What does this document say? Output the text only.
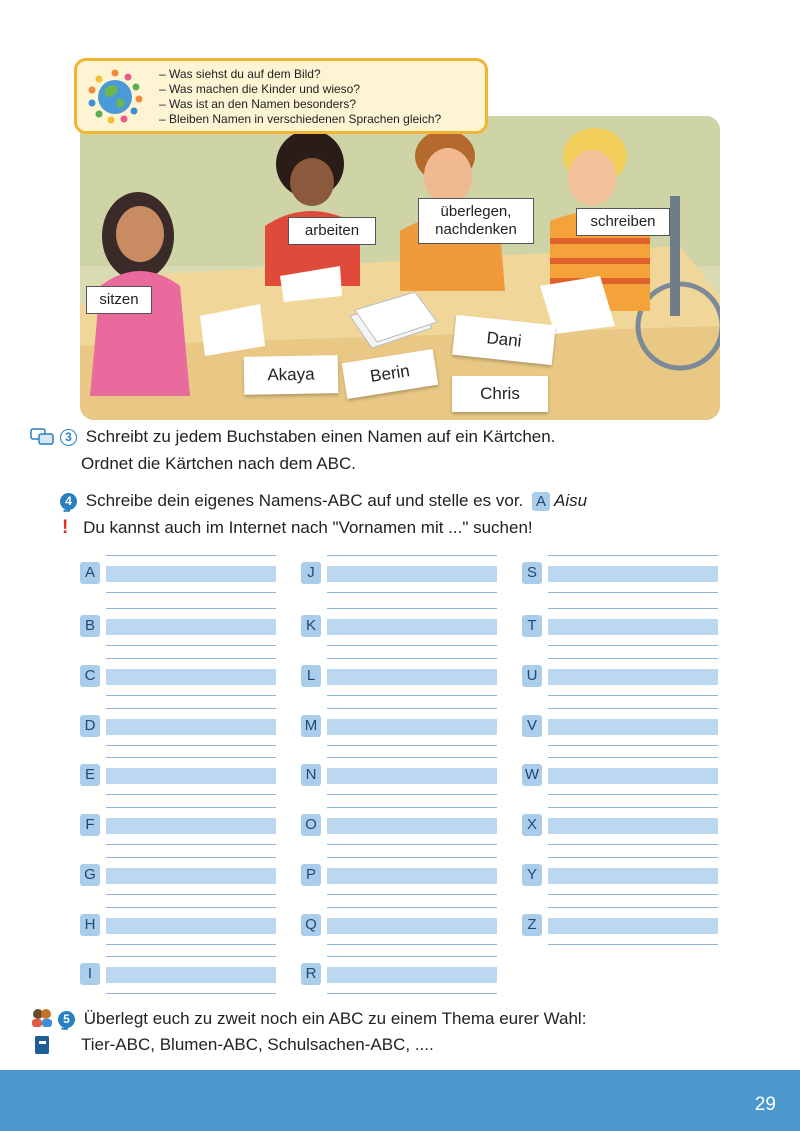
– Was siehst du auf dem Bild?
– Was machen die Kinder und wieso?
– Was ist an den Namen besonders?
– Bleiben Namen in verschiedenen Sprachen gleich?
sitzen
arbeiten
überlegen,
nachdenken	schreiben
Akaya	Berin
Dani
Chris
3 Schreibt zu jedem Buchstaben einen Namen auf ein Kärtchen.
Ordnet die Kärtchen nach dem ABC.
4
•••
Schreibe dein eigenes Namens-ABC auf und stelle es vor. A Aisu
! Du kannst auch im Internet nach "Vornamen mit ..." suchen!
A
B
C
D
E
F
G
H
I
J
K
L
M
N
O
P
Q
R
S
T
U
V
W
X
Y
Z
5
•••
Überlegt euch zu zweit noch ein ABC zu einem Thema eurer Wahl:
Tier-ABC, Blumen-ABC, Schulsachen-ABC, ....
29
